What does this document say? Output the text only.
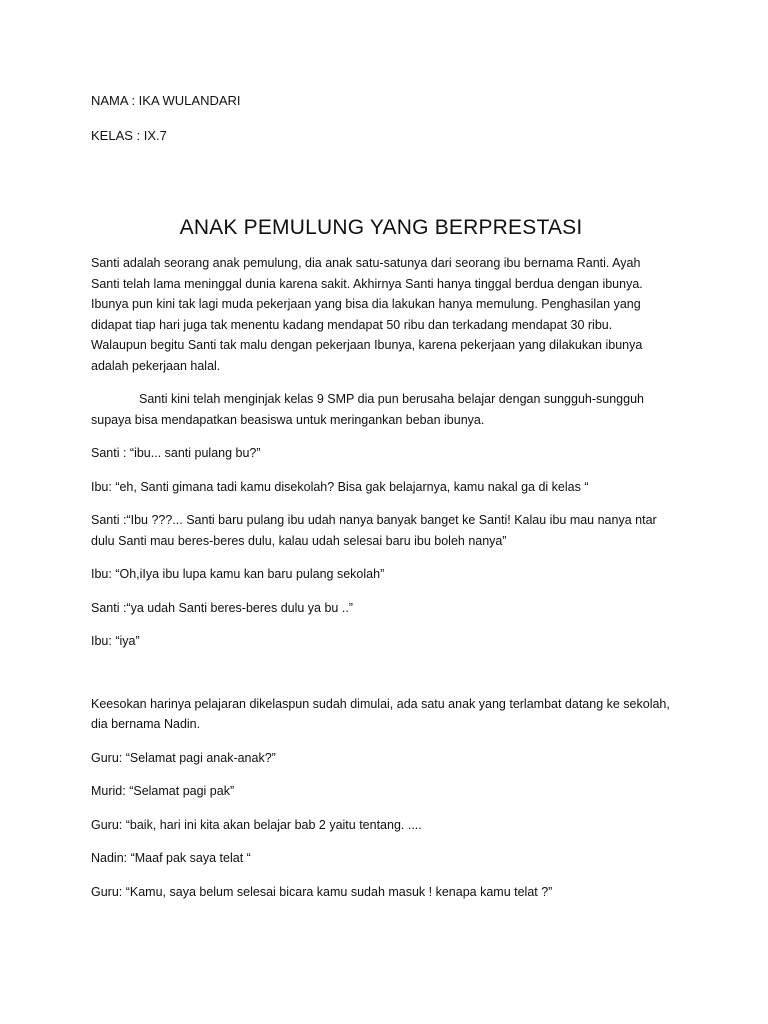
NAMA : IKA WULANDARI

KELAS : IX.7

ANAK PEMULUNG YANG BERPRESTASI

Santi adalah seorang anak pemulung, dia anak satu-satunya dari seorang ibu bernama Ranti. Ayah Santi telah lama meninggal dunia karena sakit. Akhirnya Santi hanya tinggal berdua dengan ibunya. Ibunya pun kini tak lagi muda pekerjaan yang bisa dia lakukan hanya memulung. Penghasilan yang didapat tiap hari juga tak menentu kadang mendapat 50 ribu dan terkadang mendapat 30 ribu. Walaupun begitu Santi tak malu dengan pekerjaan Ibunya, karena pekerjaan yang dilakukan ibunya adalah pekerjaan halal.

Santi kini telah menginjak kelas 9 SMP dia pun berusaha belajar dengan sungguh-sungguh supaya bisa mendapatkan beasiswa untuk meringankan beban ibunya.

Santi : “ibu... santi pulang bu?”

Ibu: “eh, Santi gimana tadi kamu disekolah? Bisa gak belajarnya, kamu nakal ga di kelas “

Santi :“Ibu ???... Santi baru pulang ibu udah nanya banyak banget ke Santi! Kalau ibu mau nanya ntar dulu Santi mau beres-beres dulu, kalau udah selesai baru ibu boleh nanya”

Ibu: “Oh,iIya ibu lupa kamu kan baru pulang sekolah”

Santi :“ya udah Santi beres-beres dulu ya bu ..”

Ibu: “iya”

Keesokan harinya pelajaran dikelaspun sudah dimulai, ada satu anak yang terlambat datang ke sekolah, dia bernama Nadin.

Guru: “Selamat pagi anak-anak?”

Murid: “Selamat pagi pak”

Guru: “baik, hari ini kita akan belajar bab 2 yaitu tentang. ....

Nadin: “Maaf pak saya telat “

Guru: “Kamu, saya belum selesai bicara kamu sudah masuk ! kenapa kamu telat ?”
